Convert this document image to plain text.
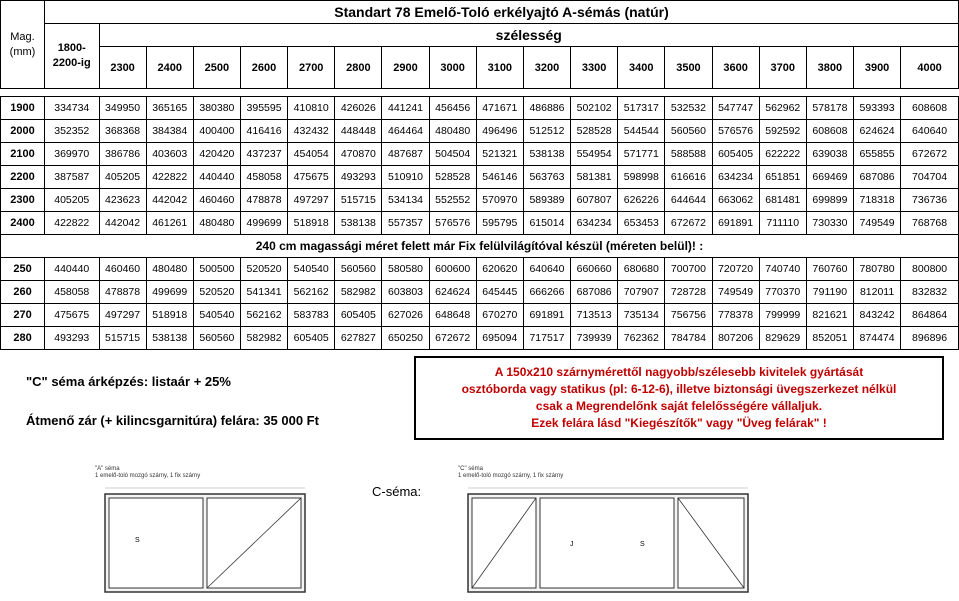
Mag. (mm)	Standart 78 Emelő-Toló erkélyajtó A-sémás (natúr)																		
	1800-2200-ig	szélesség																	
		2300	2400	2500	2600	2700	2800	2900	3000	3100	3200	3300	3400	3500	3600	3700	3800	3900	4000

1900	334734	349950	365165	380380	395595	410810	426026	441241	456456	471671	486886	502102	517317	532532	547747	562962	578178	593393	608608
2000	352352	368368	384384	400400	416416	432432	448448	464464	480480	496496	512512	528528	544544	560560	576576	592592	608608	624624	640640
2100	369970	386786	403603	420420	437237	454054	470870	487687	504504	521321	538138	554954	571771	588588	605405	622222	639038	655855	672672
2200	387587	405205	422822	440440	458058	475675	493293	510910	528528	546146	563763	581381	598998	616616	634234	651851	669469	687086	704704
2300	405205	423623	442042	460460	478878	497297	515715	534134	552552	570970	589389	607807	626226	644644	663062	681481	699899	718318	736736
2400	422822	442042	461261	480480	499699	518918	538138	557357	576576	595795	615014	634234	653453	672672	691891	711110	730330	749549	768768
240 cm magassági méret felett már Fix felülvilágítóval készül (méreten belül)! :																			
250	440440	460460	480480	500500	520520	540540	560560	580580	600600	620620	640640	660660	680680	700700	720720	740740	760760	780780	800800
260	458058	478878	499699	520520	541341	562162	582982	603803	624624	645445	666266	687086	707907	728728	749549	770370	791190	812011	832832
270	475675	497297	518918	540540	562162	583783	605405	627026	648648	670270	691891	713513	735134	756756	778378	799999	821621	843242	864864
280	493293	515715	538138	560560	582982	605405	627827	650250	672672	695094	717517	739939	762362	784784	807206	829629	852051	874474	896896
"C" séma árképzés: listaár + 25%
Átmenő zár (+ kilincsgarnitúra) felára: 35 000 Ft
A 150x210 szárnymérettől nagyobb/szélesebb kivitelek gyártását
osztóborda vagy statikus (pl: 6-12-6), illetve biztonsági üvegszerkezet nélkül
csak a Megrendelőnk saját felelősségére vállaljuk.
Ezek felára lásd "Kiegészítők" vagy "Üveg felárak" !
"A" séma
1 emelő-toló mozgó szárny, 1 fix szárny
S
C-séma:
"C" séma
1 emelő-toló mozgó szárny, 1 fix szárny
J	S
